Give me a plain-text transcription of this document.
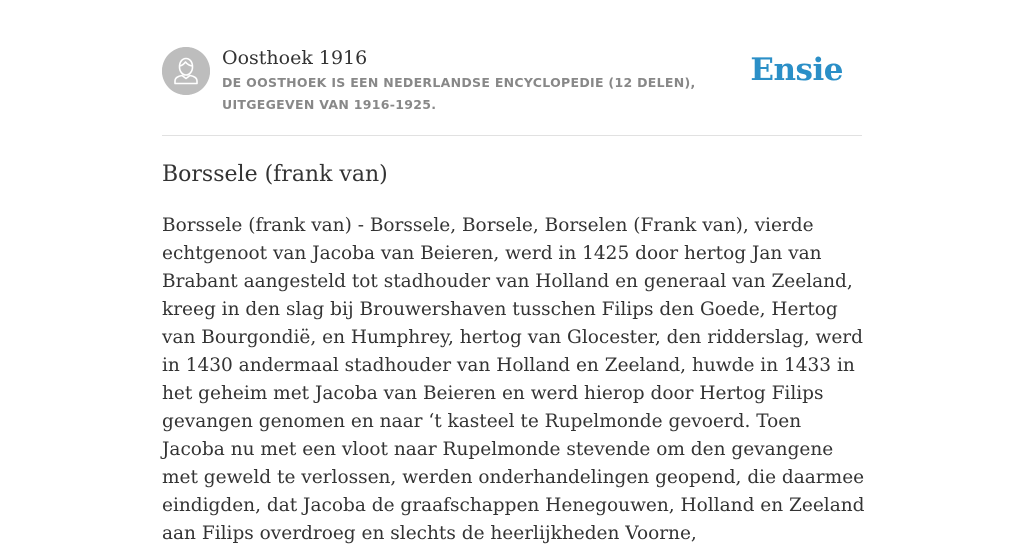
Oosthoek 1916
DE OOSTHOEK IS EEN NEDERLANDSE ENCYCLOPEDIE (12 DELEN), UITGEGEVEN VAN 1916-1925.
Ensie
Borssele (frank van)

Borssele (frank van) - Borssele, Borsele, Borselen (Frank van), vierde echtgenoot van Jacoba van Beieren, werd in 1425 door hertog Jan van Brabant aangesteld tot stadhouder van Holland en generaal van Zeeland, kreeg in den slag bij Brouwershaven tusschen Filips den Goede, Hertog van Bourgondië, en Humphrey, hertog van Glocester, den ridderslag, werd in 1430 andermaal stadhouder van Holland en Zeeland, huwde in 1433 in het geheim met Jacoba van Beieren en werd hierop door Hertog Filips gevangen genomen en naar ‘t kasteel te Rupelmonde gevoerd. Toen Jacoba nu met een vloot naar Rupelmonde stevende om den gevangene met geweld te verlossen, werden onderhandelingen geopend, die daarmee eindigden, dat Jacoba de graafschappen Henegouwen, Holland en Zeeland aan Filips overdroeg en slechts de heerlijkheden Voorne,
